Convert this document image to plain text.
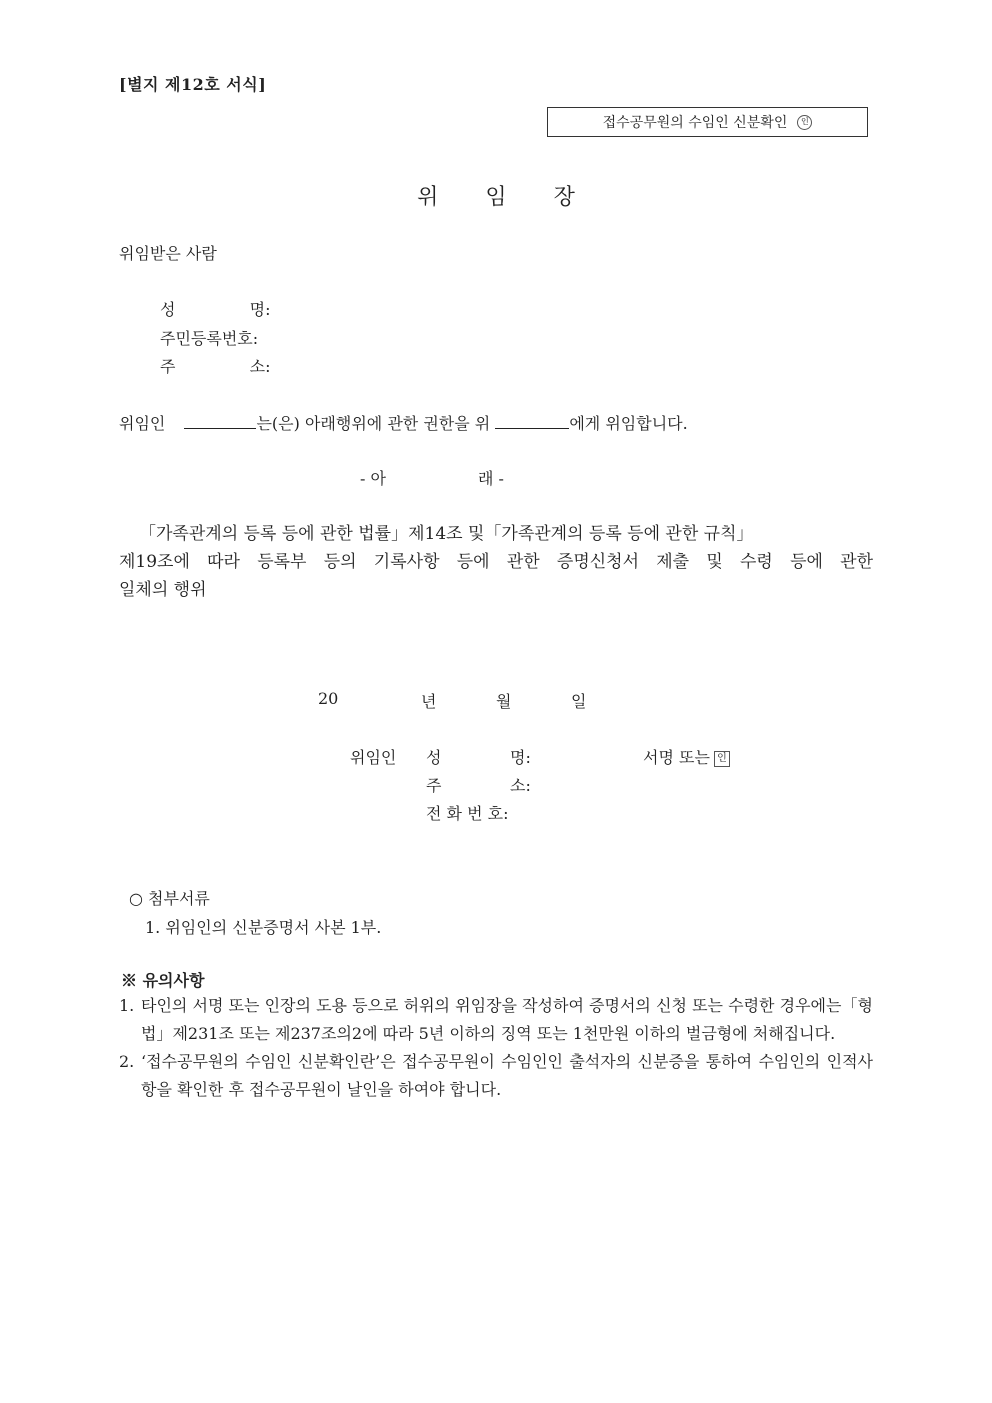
[별지 제12호 서식]
접수공무원의 수임인 신분확인	인
위 임 장
위임받은 사람
성	명:
주민등록번호:
주	소:
위임인	는(은) 아래행위에 관한 권한을 위	에게 위임합니다.
- 아	래 -
「가족관계의 등록 등에 관한 법률」제14조 및「가족관계의 등록 등에 관한 규칙」
제19조에 따라 등록부 등의 기록사항 등에 관한 증명신청서 제출 및 수령 등에 관한
일체의 행위
20	년	월	일
위임인 성	명:	서명 또는 인
주	소:
전 화 번 호:
○ 첨부서류
1. 위임인의 신분증명서 사본 1부.
※ 유의사항
1. 타인의 서명 또는 인장의 도용 등으로 허위의 위임장을 작성하여 증명서의 신청 또는 수령한 경우에는「형법」제231조 또는 제237조의2에 따라 5년 이하의 징역 또는 1천만원 이하의 벌금형에 처해집니다.
2. ‘접수공무원의 수임인 신분확인란’은 접수공무원이 수임인인 출석자의 신분증을 통하여 수임인의 인적사항을 확인한 후 접수공무원이 날인을 하여야 합니다.
